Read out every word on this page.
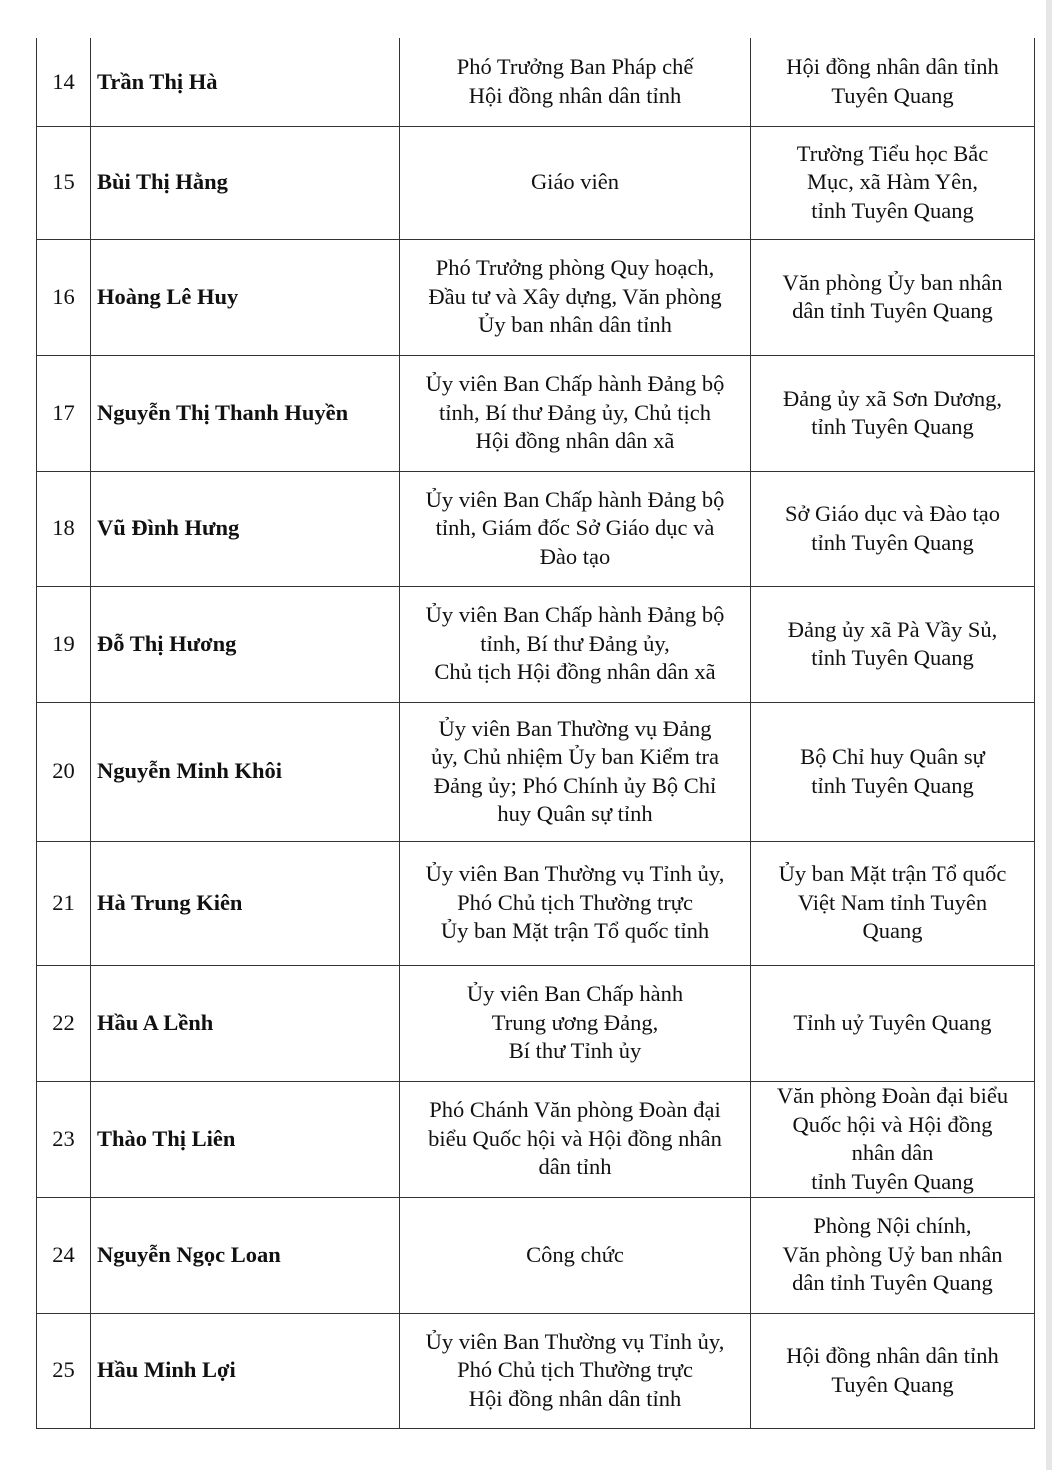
14	Trần Thị Hà	Phó Trưởng Ban Pháp chế
Hội đồng nhân dân tỉnh	Hội đồng nhân dân tỉnh
Tuyên Quang

15	Bùi Thị Hằng	Giáo viên	Trường Tiểu học Bắc
Mục, xã Hàm Yên,
tỉnh Tuyên Quang

16	Hoàng Lê Huy	Phó Trưởng phòng Quy hoạch,
Đầu tư và Xây dựng, Văn phòng
Ủy ban nhân dân tỉnh	Văn phòng Ủy ban nhân
dân tỉnh Tuyên Quang

17	Nguyễn Thị Thanh Huyền	Ủy viên Ban Chấp hành Đảng bộ
tỉnh, Bí thư Đảng ủy, Chủ tịch
Hội đồng nhân dân xã	Đảng ủy xã Sơn Dương,
tỉnh Tuyên Quang

18	Vũ Đình Hưng	Ủy viên Ban Chấp hành Đảng bộ
tỉnh, Giám đốc Sở Giáo dục và
Đào tạo	Sở Giáo dục và Đào tạo
tỉnh Tuyên Quang

19	Đỗ Thị Hương	Ủy viên Ban Chấp hành Đảng bộ
tỉnh, Bí thư Đảng ủy,
Chủ tịch Hội đồng nhân dân xã	Đảng ủy xã Pà Vầy Sủ,
tỉnh Tuyên Quang

20	Nguyễn Minh Khôi	Ủy viên Ban Thường vụ Đảng
ủy, Chủ nhiệm Ủy ban Kiểm tra
Đảng ủy; Phó Chính ủy Bộ Chỉ
huy Quân sự tỉnh	Bộ Chỉ huy Quân sự
tỉnh Tuyên Quang

21	Hà Trung Kiên	Ủy viên Ban Thường vụ Tỉnh ủy,
Phó Chủ tịch Thường trực
Ủy ban Mặt trận Tổ quốc tỉnh	Ủy ban Mặt trận Tổ quốc
Việt Nam tỉnh Tuyên
Quang

22	Hầu A Lềnh	Ủy viên Ban Chấp hành
Trung ương Đảng,
Bí thư Tỉnh ủy	Tỉnh uỷ Tuyên Quang

23	Thào Thị Liên	Phó Chánh Văn phòng Đoàn đại
biểu Quốc hội và Hội đồng nhân
dân tỉnh	Văn phòng Đoàn đại biểu
Quốc hội và Hội đồng
nhân dân
tỉnh Tuyên Quang

24	Nguyễn Ngọc Loan	Công chức	Phòng Nội chính,
Văn phòng Uỷ ban nhân
dân tỉnh Tuyên Quang

25	Hầu Minh Lợi	Ủy viên Ban Thường vụ Tỉnh ủy,
Phó Chủ tịch Thường trực
Hội đồng nhân dân tỉnh	Hội đồng nhân dân tỉnh
Tuyên Quang
